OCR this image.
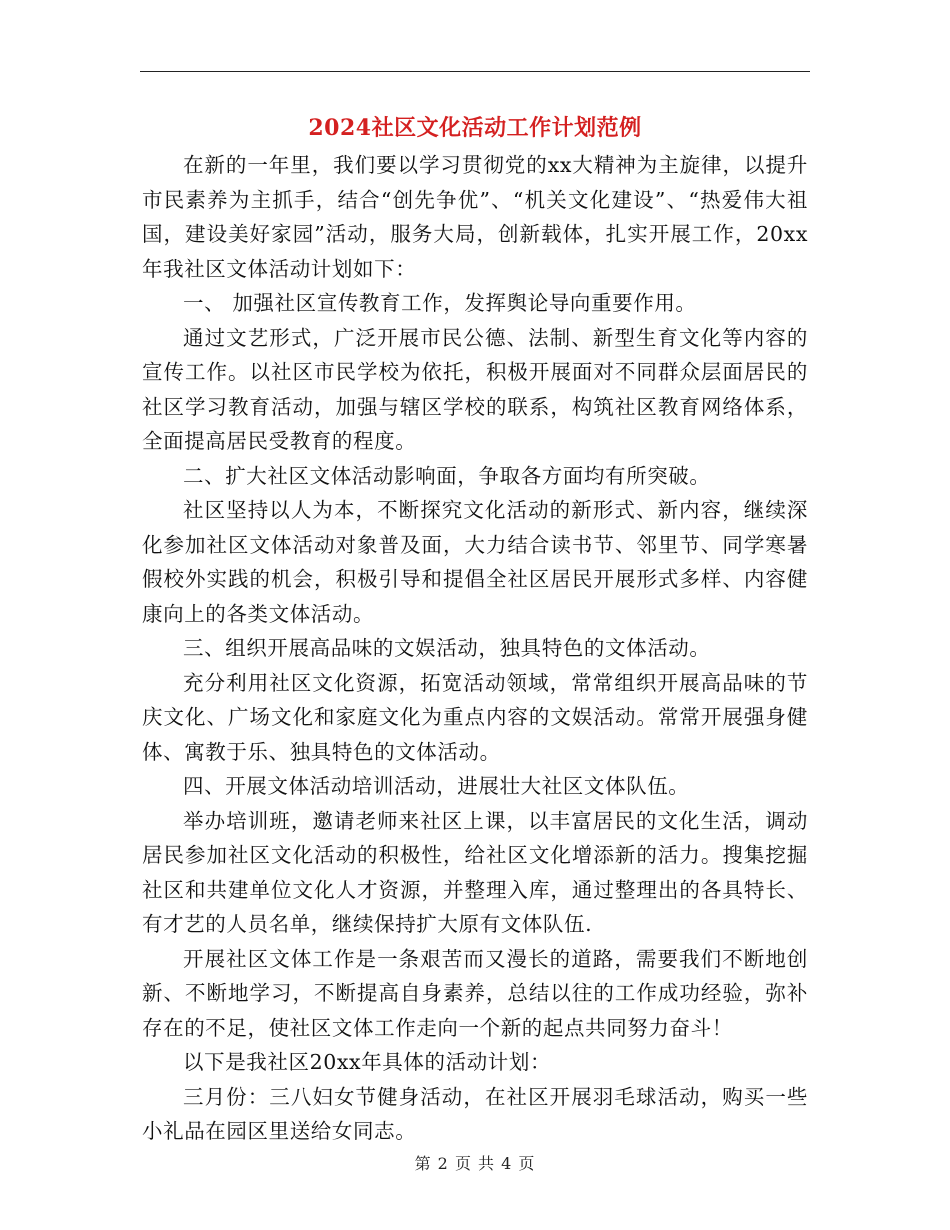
2024社区文化活动工作计划范例

在新的一年里，我们要以学习贯彻党的xx大精神为主旋律，以提升市民素养为主抓手，结合“创先争优”、“机关文化建设”、“热爱伟大祖国，建设美好家园”活动，服务大局，创新载体，扎实开展工作，20xx年我社区文体活动计划如下：

一、 加强社区宣传教育工作，发挥舆论导向重要作用。

通过文艺形式，广泛开展市民公德、法制、新型生育文化等内容的宣传工作。以社区市民学校为依托，积极开展面对不同群众层面居民的社区学习教育活动，加强与辖区学校的联系，构筑社区教育网络体系，全面提高居民受教育的程度。

二、扩大社区文体活动影响面，争取各方面均有所突破。

社区坚持以人为本，不断探究文化活动的新形式、新内容，继续深化参加社区文体活动对象普及面，大力结合读书节、邻里节、同学寒暑假校外实践的机会，积极引导和提倡全社区居民开展形式多样、内容健康向上的各类文体活动。

三、组织开展高品味的文娱活动，独具特色的文体活动。

充分利用社区文化资源，拓宽活动领域，常常组织开展高品味的节庆文化、广场文化和家庭文化为重点内容的文娱活动。常常开展强身健体、寓教于乐、独具特色的文体活动。

四、开展文体活动培训活动，进展壮大社区文体队伍。

举办培训班，邀请老师来社区上课，以丰富居民的文化生活，调动居民参加社区文化活动的积极性，给社区文化增添新的活力。搜集挖掘社区和共建单位文化人才资源，并整理入库，通过整理出的各具特长、有才艺的人员名单，继续保持扩大原有文体队伍.

开展社区文体工作是一条艰苦而又漫长的道路，需要我们不断地创新、不断地学习，不断提高自身素养，总结以往的工作成功经验，弥补存在的不足，使社区文体工作走向一个新的起点共同努力奋斗！

以下是我社区20xx年具体的活动计划：

三月份：三八妇女节健身活动，在社区开展羽毛球活动，购买一些小礼品在园区里送给女同志。

第 2 页 共 4 页
